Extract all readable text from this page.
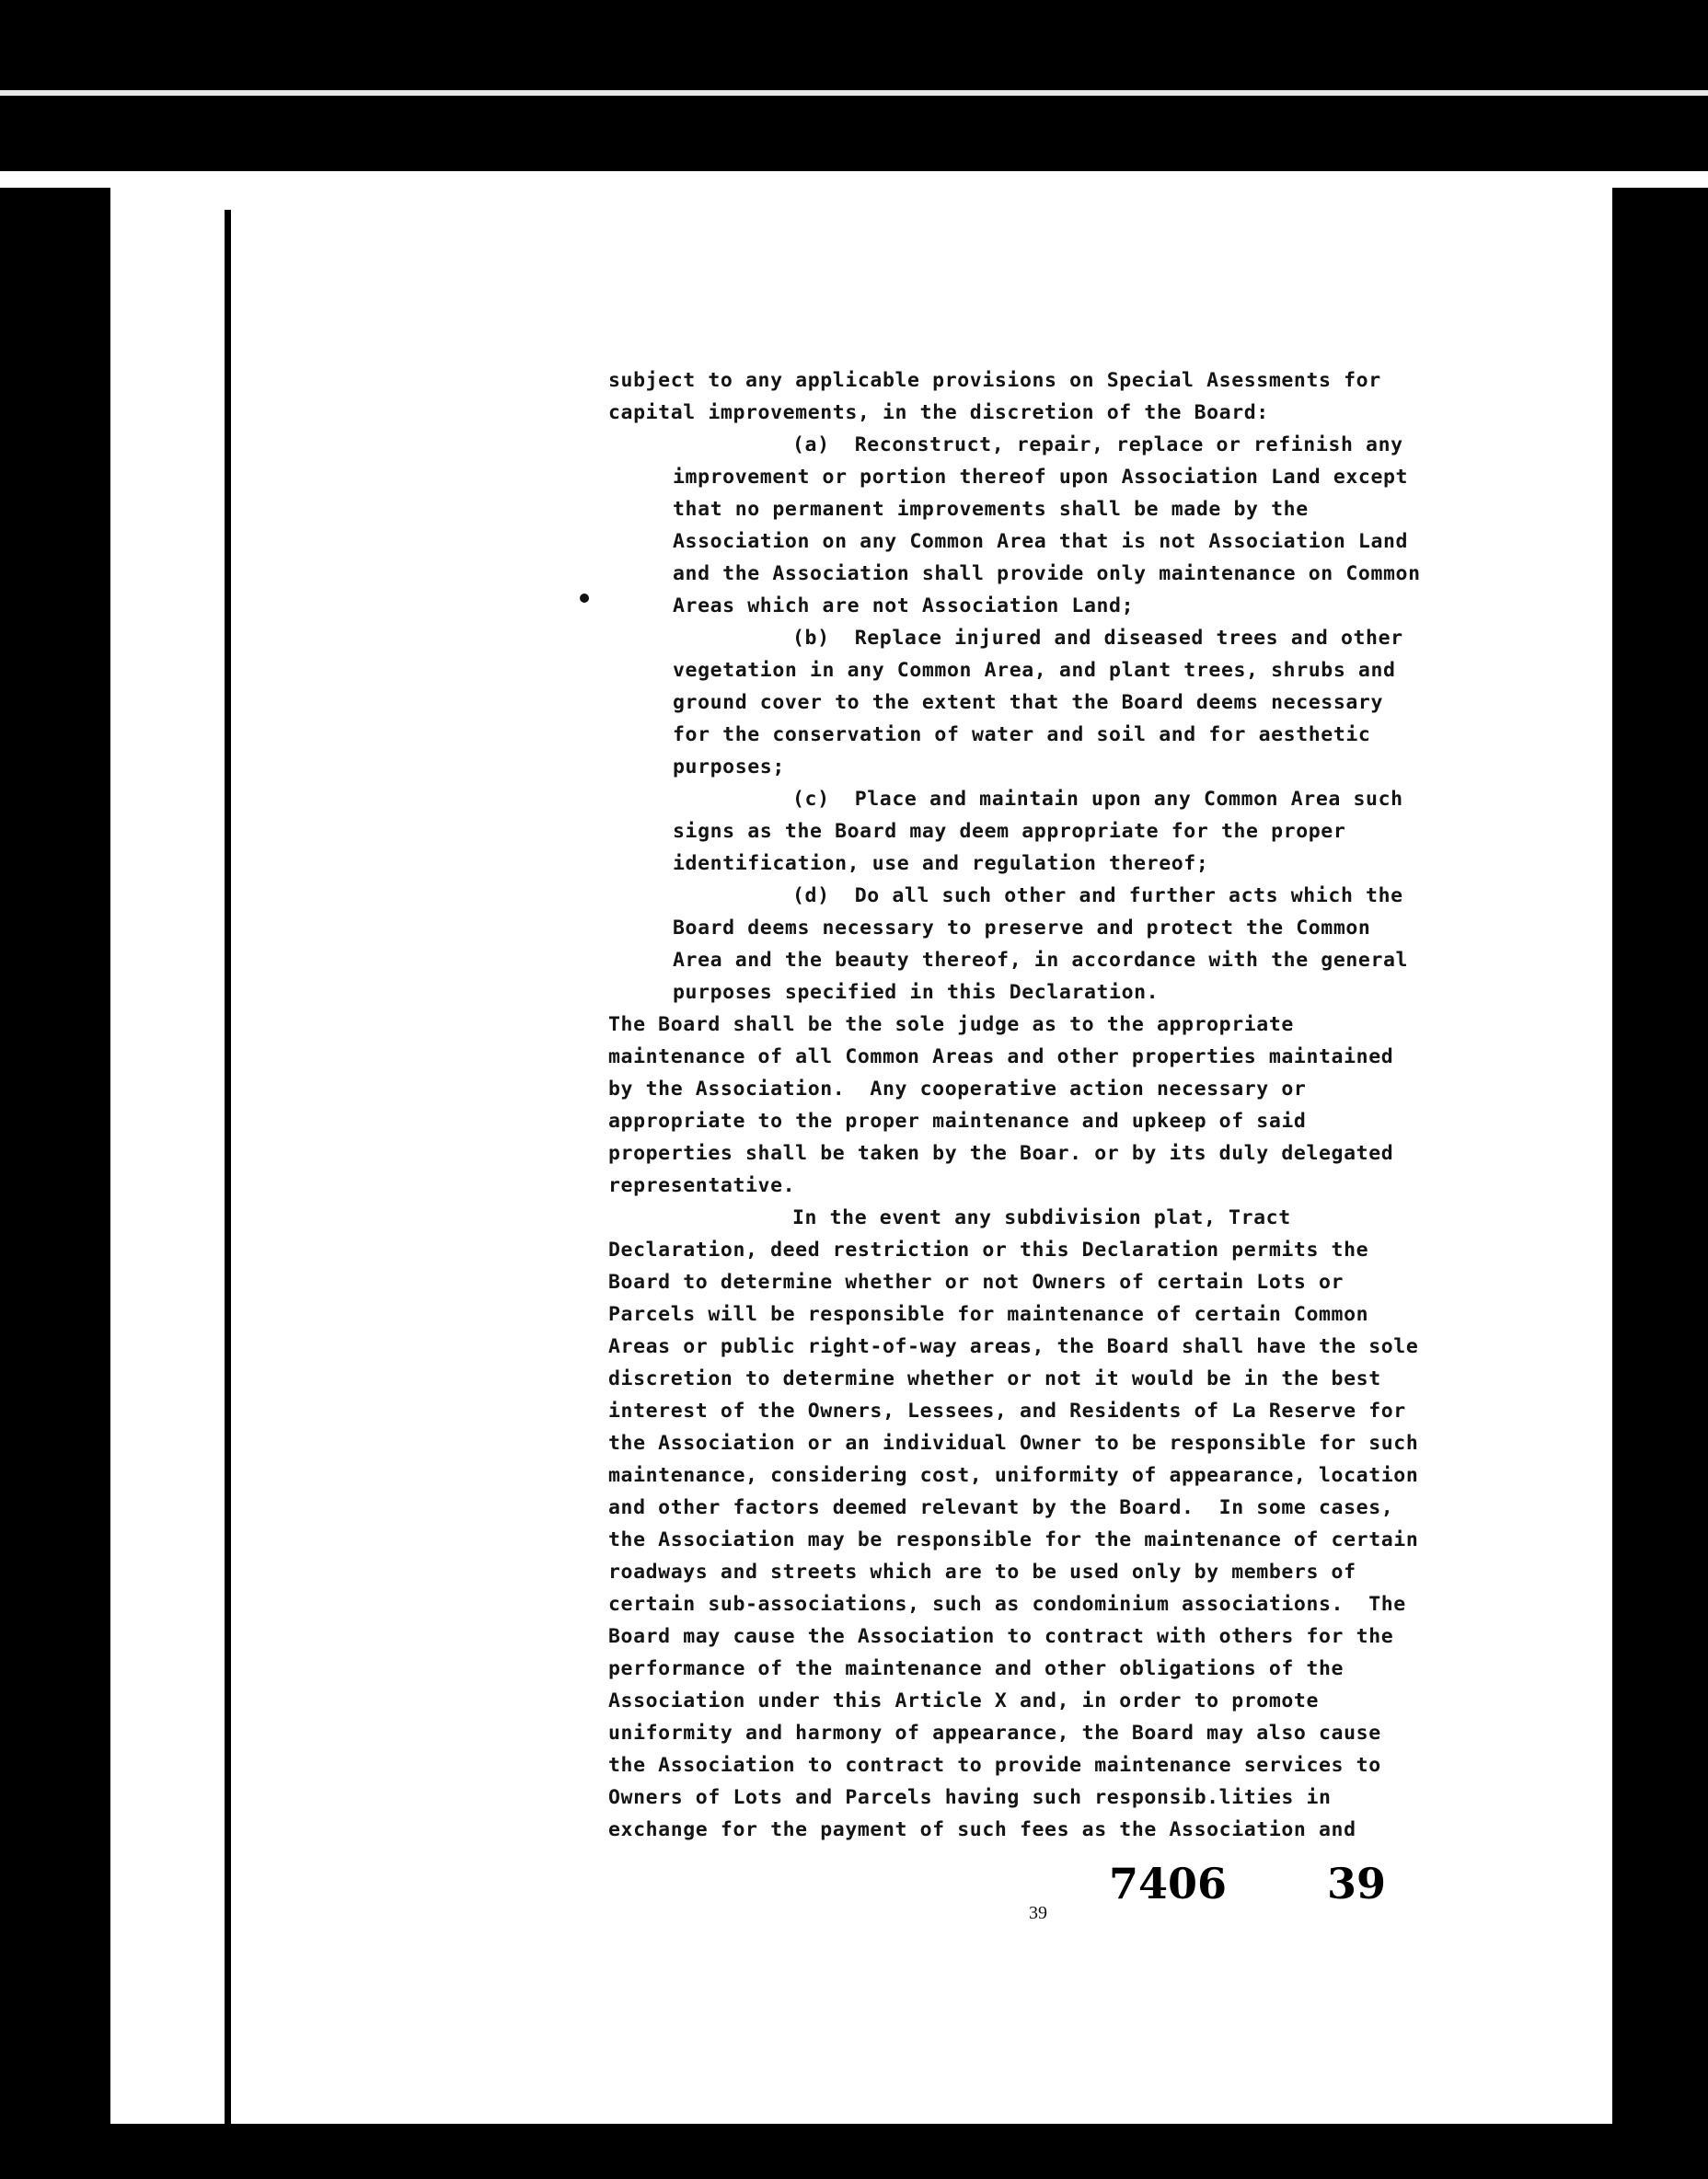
subject to any applicable provisions on Special Asessments for
capital improvements, in the discretion of the Board:
(a)  Reconstruct, repair, replace or refinish any
improvement or portion thereof upon Association Land except
that no permanent improvements shall be made by the
Association on any Common Area that is not Association Land
and the Association shall provide only maintenance on Common
Areas which are not Association Land;
(b)  Replace injured and diseased trees and other
vegetation in any Common Area, and plant trees, shrubs and
ground cover to the extent that the Board deems necessary
for the conservation of water and soil and for aesthetic
purposes;
(c)  Place and maintain upon any Common Area such
signs as the Board may deem appropriate for the proper
identification, use and regulation thereof;
(d)  Do all such other and further acts which the
Board deems necessary to preserve and protect the Common
Area and the beauty thereof, in accordance with the general
purposes specified in this Declaration.
The Board shall be the sole judge as to the appropriate
maintenance of all Common Areas and other properties maintained
by the Association.  Any cooperative action necessary or
appropriate to the proper maintenance and upkeep of said
properties shall be taken by the Boar. or by its duly delegated
representative.
In the event any subdivision plat, Tract
Declaration, deed restriction or this Declaration permits the
Board to determine whether or not Owners of certain Lots or
Parcels will be responsible for maintenance of certain Common
Areas or public right-of-way areas, the Board shall have the sole
discretion to determine whether or not it would be in the best
interest of the Owners, Lessees, and Residents of La Reserve for
the Association or an individual Owner to be responsible for such
maintenance, considering cost, uniformity of appearance, location
and other factors deemed relevant by the Board.  In some cases,
the Association may be responsible for the maintenance of certain
roadways and streets which are to be used only by members of
certain sub-associations, such as condominium associations.  The
Board may cause the Association to contract with others for the
performance of the maintenance and other obligations of the
Association under this Article X and, in order to promote
uniformity and harmony of appearance, the Board may also cause
the Association to contract to provide maintenance services to
Owners of Lots and Parcels having such responsib.lities in
exchange for the payment of such fees as the Association and
7406 39
39
